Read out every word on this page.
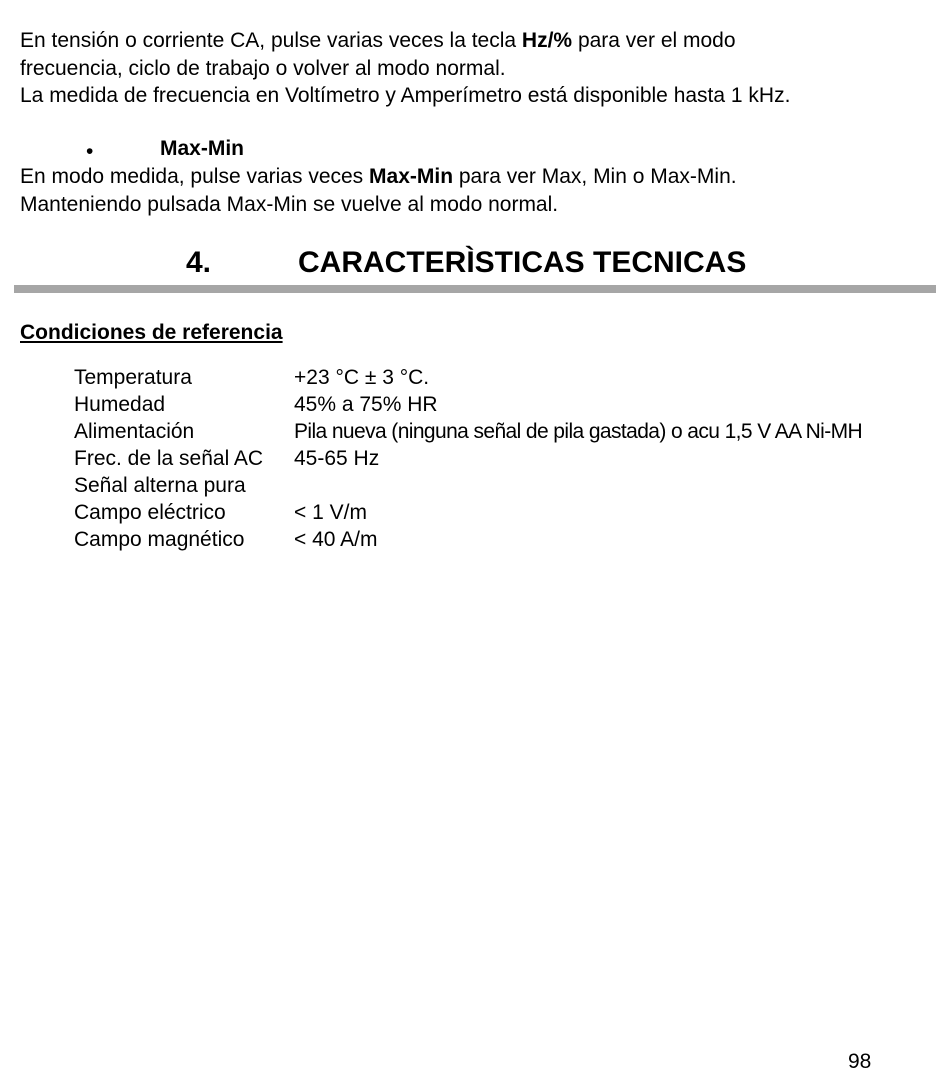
En tensión o corriente CA, pulse varias veces la tecla Hz/% para ver el modo
frecuencia, ciclo de trabajo o volver al modo normal.
La medida de frecuencia en Voltímetro y Amperímetro está disponible hasta 1 kHz.
•	Max-Min
En modo medida, pulse varias veces Max-Min para ver Max, Min o Max-Min.
Manteniendo pulsada Max-Min se vuelve al modo normal.
4.	CARACTERÌSTICAS TECNICAS
Condiciones de referencia
Temperatura	+23 °C ± 3 °C.
Humedad	45% a 75% HR
Alimentación	Pila nueva (ninguna señal de pila gastada) o acu 1,5 V AA Ni-MH
Frec. de la señal AC 45-65 Hz
Señal alterna pura
Campo eléctrico	< 1 V/m
Campo magnético < 40 A/m
98
